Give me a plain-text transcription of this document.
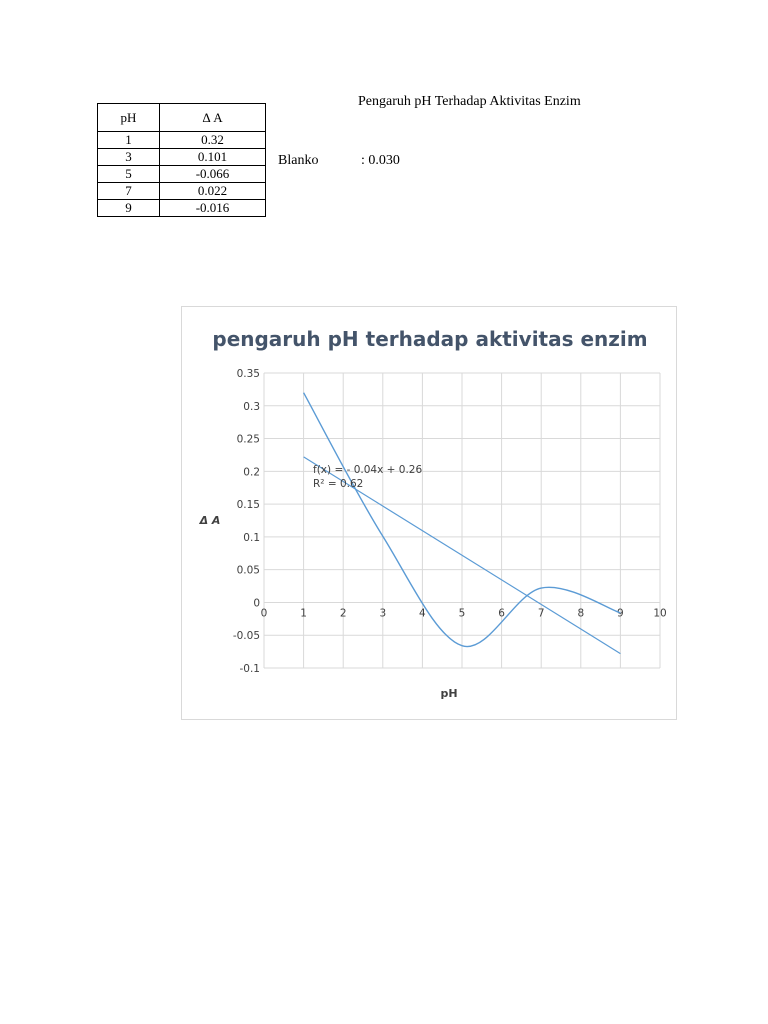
pH	Δ A
1	0.32
3	0.101
5	-0.066
7	0.022
9	-0.016
Pengaruh pH Terhadap Aktivitas Enzim
Blanko	: 0.030
pengaruh pH terhadap aktivitas enzim
0	1	2	3	4	5	6	7	8	9	10
0.35
0.3
0.25
0.2
0.15
0.1
0.05
0
-0.05
-0.1
f(x) = - 0.04x + 0.26
R² = 0.62
pH
Δ A
